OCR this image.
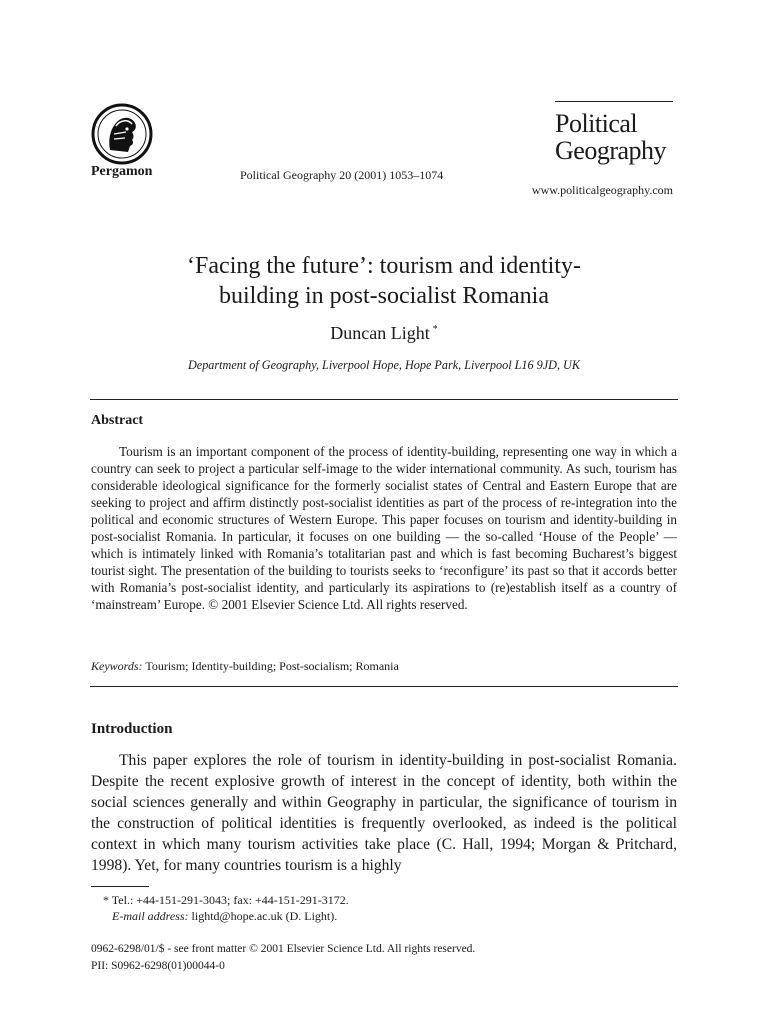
Pergamon	Political Geography 20 (2001) 1053–1074
Political
Geography
www.politicalgeography.com
‘Facing the future’: tourism and identity-
building in post-socialist Romania
Duncan Light *
Department of Geography, Liverpool Hope, Hope Park, Liverpool L16 9JD, UK
Abstract

Tourism is an important component of the process of identity-building, representing one way in which a country can seek to project a particular self-image to the wider international community. As such, tourism has considerable ideological significance for the formerly socialist states of Central and Eastern Europe that are seeking to project and affirm distinctly post-socialist identities as part of the process of re-integration into the political and economic structures of Western Europe. This paper focuses on tourism and identity-building in post-socialist Romania. In particular, it focuses on one building — the so-called ‘House of the People’ — which is intimately linked with Romania’s totalitarian past and which is fast becoming Bucharest’s biggest tourist sight. The presentation of the building to tourists seeks to ‘reconfigure’ its past so that it accords better with Romania’s post-socialist identity, and particularly its aspirations to (re)establish itself as a country of ‘mainstream’ Europe. © 2001 Elsevier Science Ltd. All rights reserved.

Keywords: Tourism; Identity-building; Post-socialism; Romania
Introduction

This paper explores the role of tourism in identity-building in post-socialist Romania. Despite the recent explosive growth of interest in the concept of identity, both within the social sciences generally and within Geography in particular, the significance of tourism in the construction of political identities is frequently overlooked, as indeed is the political context in which many tourism activities take place (C. Hall, 1994; Morgan & Pritchard, 1998). Yet, for many countries tourism is a highly

* Tel.: +44-151-291-3043; fax: +44-151-291-3172.
E-mail address: lightd@hope.ac.uk (D. Light).
0962-6298/01/$ - see front matter © 2001 Elsevier Science Ltd. All rights reserved.
PII: S0962-6298(01)00044-0
